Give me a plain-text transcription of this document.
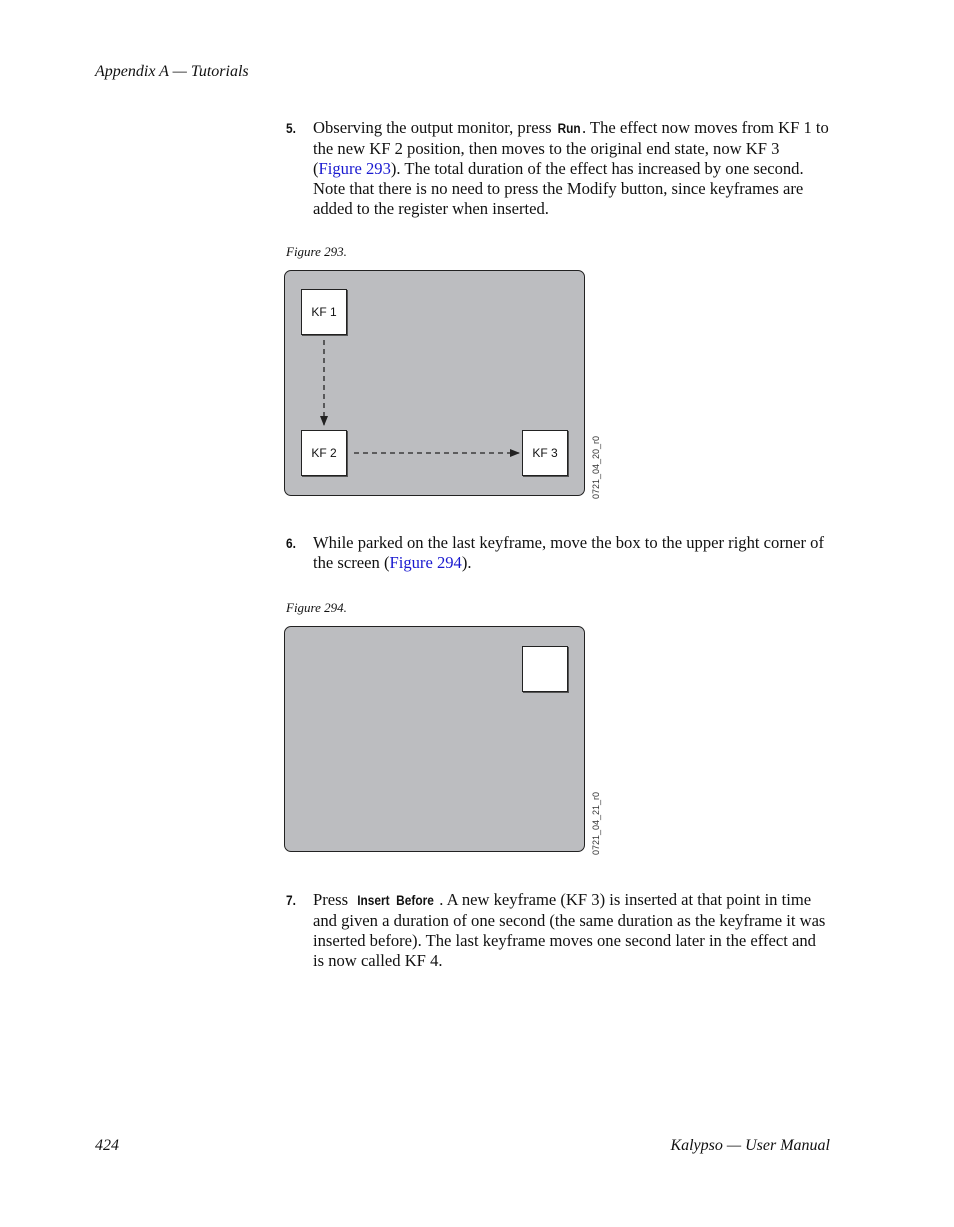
Appendix A — Tutorials
5. Observing the output monitor, press Run. The effect now moves from KF 1 to the new KF 2 position, then moves to the original end state, now KF 3 (Figure 293). The total duration of the effect has increased by one second. Note that there is no need to press the Modify button, since keyframes are added to the register when inserted.
Figure 293.
KF 1
KF 2	KF 3	0721_04_20_r0
6. While parked on the last keyframe, move the box to the upper right corner of the screen (Figure 294).
Figure 294.
0721_04_21_r0
7. Press Insert  Before . A new keyframe (KF 3) is inserted at that point in time and given a duration of one second (the same duration as the keyframe it was inserted before). The last keyframe moves one second later in the effect and is now called KF 4.
424	Kalypso — User Manual
